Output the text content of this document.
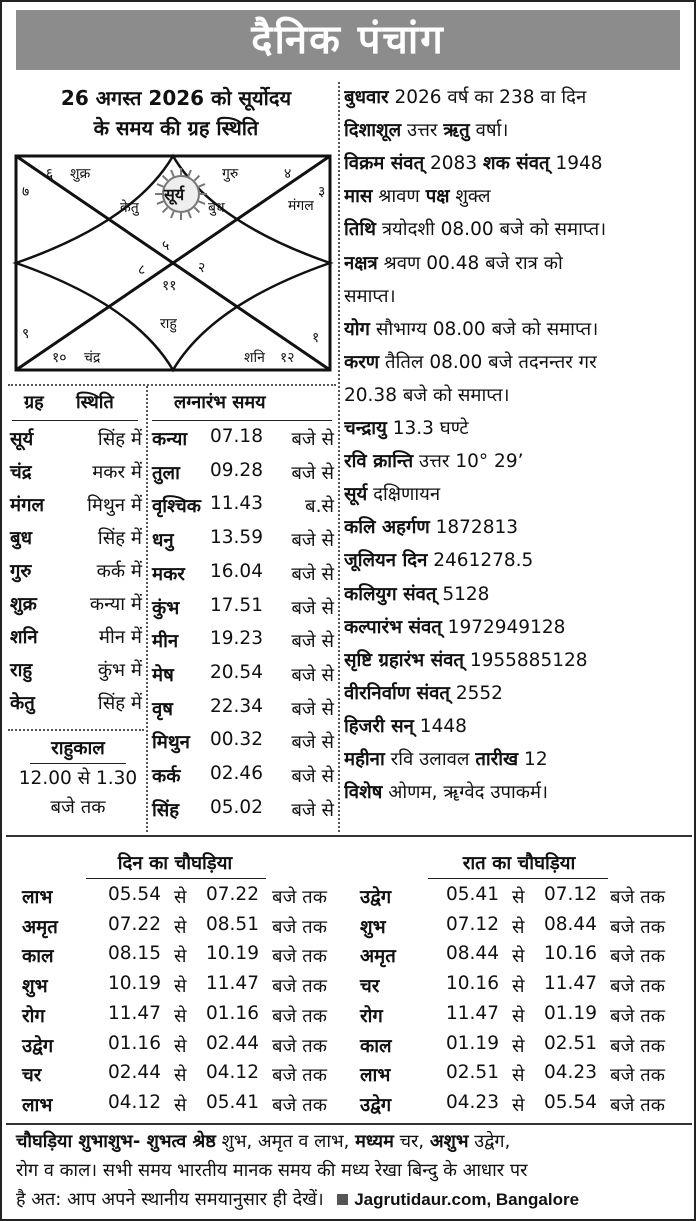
दैनिक पंचांग
26 अगस्त 2026 को सूर्योदय
के समय की ग्रह स्थिति
६	४
३
७
५
८	२
११
९	१
१०	१२
शुक्र	गुरु
केतु
सूर्य
बुध	मंगल
राहु
चंद्र	शनि
बुधवार 2026 वर्ष का 238 वा दिन
दिशाशूल उत्तर ऋतु वर्षा।
विक्रम संवत् 2083 शक संवत् 1948
मास श्रावण पक्ष शुक्ल
तिथि त्रयोदशी 08.00 बजे को समाप्त।
नक्षत्र श्रवण 00.48 बजे रात्र को
समाप्त।
योग सौभाग्य 08.00 बजे को समाप्त।
करण तैतिल 08.00 बजे तदनन्तर गर
20.38 बजे को समाप्त।
चन्द्रायु 13.3 घण्टे
रवि क्रान्ति उत्तर 10° 29’
सूर्य दक्षिणायन
कलि अहर्गण 1872813
जूलियन दिन 2461278.5
कलियुग संवत् 5128
कल्पारंभ संवत् 1972949128
सृष्टि ग्रहारंभ संवत् 1955885128
वीरनिर्वाण संवत् 2552
हिजरी सन् 1448
महीना रवि उलावल तारीख 12
विशेष ओणम, ॠग्वेद उपाकर्म।
ग्रह स्थिति
सूर्य	सिंह में
चंद्र	मकर में
मंगल मिथुन में
बुध	सिंह में
गुरु	कर्क में
शुक्र	कन्या में
शनि	मीन में
राहु	कुंभ में
केतु	सिंह में
लग्नारंभ समय
कन्या 07.18 बजे से
तुला 09.28 बजे से
वृश्चिक 11.43 ब.से
धनु 13.59 बजे से
मकर 16.04 बजे से
कुंभ 17.51 बजे से
मीन 19.23 बजे से
मेष 20.54 बजे से
वृष 22.34 बजे से
मिथुन 00.32 बजे से
कर्क 02.46 बजे से
सिंह 05.02 बजे से
राहुकाल
12.00 से 1.30
बजे तक
दिन का चौघड़िया	रात का चौघड़िया
लाभ	05.54 से 07.22 बजे तक
अमृत	07.22 से 08.51 बजे तक
काल	08.15 से 10.19 बजे तक
शुभ	10.19 से 11.47 बजे तक
रोग	11.47 से 01.16 बजे तक
उद्वेग	01.16 से 02.44 बजे तक
चर	02.44 से 04.12 बजे तक
लाभ	04.12 से 05.41 बजे तक
उद्वेग	05.41 से 07.12 बजे तक
शुभ	07.12 से 08.44 बजे तक
अमृत	08.44 से 10.16 बजे तक
चर	10.16 से 11.47 बजे तक
रोग	11.47 से 01.19 बजे तक
काल	01.19 से 02.51 बजे तक
लाभ	02.51 से 04.23 बजे तक
उद्वेग	04.23 से 05.54 बजे तक
चौघड़िया शुभाशुभ- शुभत्व श्रेष्ठ शुभ, अमृत व लाभ, मध्यम चर, अशुभ उद्वेग,
रोग व काल। सभी समय भारतीय मानक समय की मध्य रेखा बिन्दु के आधार पर
है अत: आप अपने स्थानीय समयानुसार ही देखें। Jagrutidaur.com, Bangalore
